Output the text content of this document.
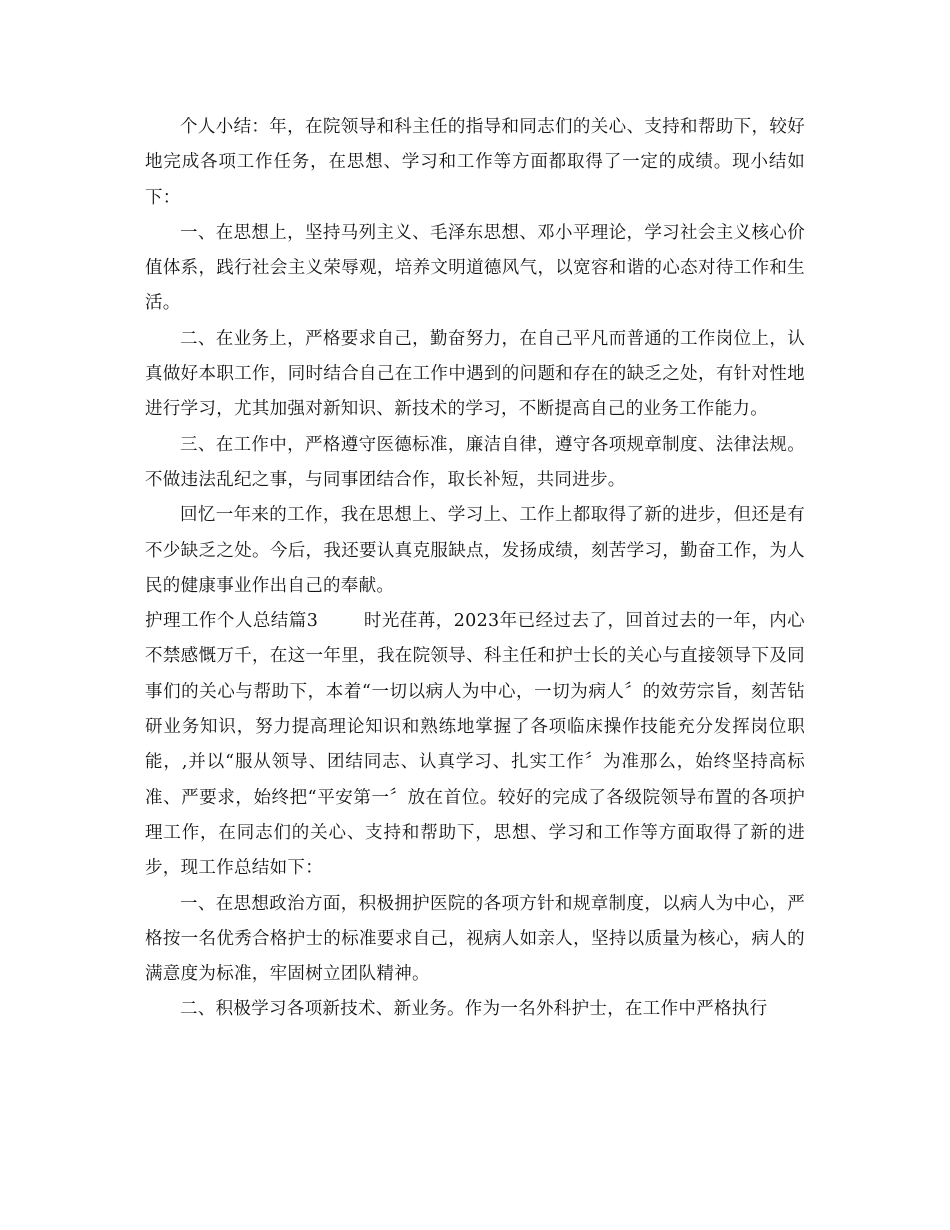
个人小结：年，在院领导和科主任的指导和同志们的关心、支持和帮助下，较好地完成各项工作任务，在思想、学习和工作等方面都取得了一定的成绩。现小结如下：

一、在思想上，坚持马列主义、毛泽东思想、邓小平理论，学习社会主义核心价值体系，践行社会主义荣辱观，培养文明道德风气，以宽容和谐的心态对待工作和生活。

二、在业务上，严格要求自己，勤奋努力，在自己平凡而普通的工作岗位上，认真做好本职工作，同时结合自己在工作中遇到的问题和存在的缺乏之处，有针对性地进行学习，尤其加强对新知识、新技术的学习，不断提高自己的业务工作能力。

三、在工作中，严格遵守医德标准，廉洁自律，遵守各项规章制度、法律法规。不做违法乱纪之事，与同事团结合作，取长补短，共同进步。

回忆一年来的工作，我在思想上、学习上、工作上都取得了新的进步，但还是有不少缺乏之处。今后，我还要认真克服缺点，发扬成绩，刻苦学习，勤奋工作，为人民的健康事业作出自己的奉献。

护理工作个人总结篇3	时光荏苒，2023年已经过去了，回首过去的一年，内心不禁感慨万千，在这一年里，我在院领导、科主任和护士长的关心与直接领导下及同事们的关心与帮助下，本着“一切以病人为中心，一切为病人〞的效劳宗旨，刻苦钻研业务知识，努力提高理论知识和熟练地掌握了各项临床操作技能充分发挥岗位职能，,并以“服从领导、团结同志、认真学习、扎实工作〞为准那么，始终坚持高标准、严要求，始终把“平安第一〞放在首位。较好的完成了各级院领导布置的各项护理工作，在同志们的关心、支持和帮助下，思想、学习和工作等方面取得了新的进步，现工作总结如下：

一、在思想政治方面，积极拥护医院的各项方针和规章制度，以病人为中心，严格按一名优秀合格护士的标准要求自己，视病人如亲人，坚持以质量为核心，病人的满意度为标准，牢固树立团队精神。

二、积极学习各项新技术、新业务。作为一名外科护士，在工作中严格执行
